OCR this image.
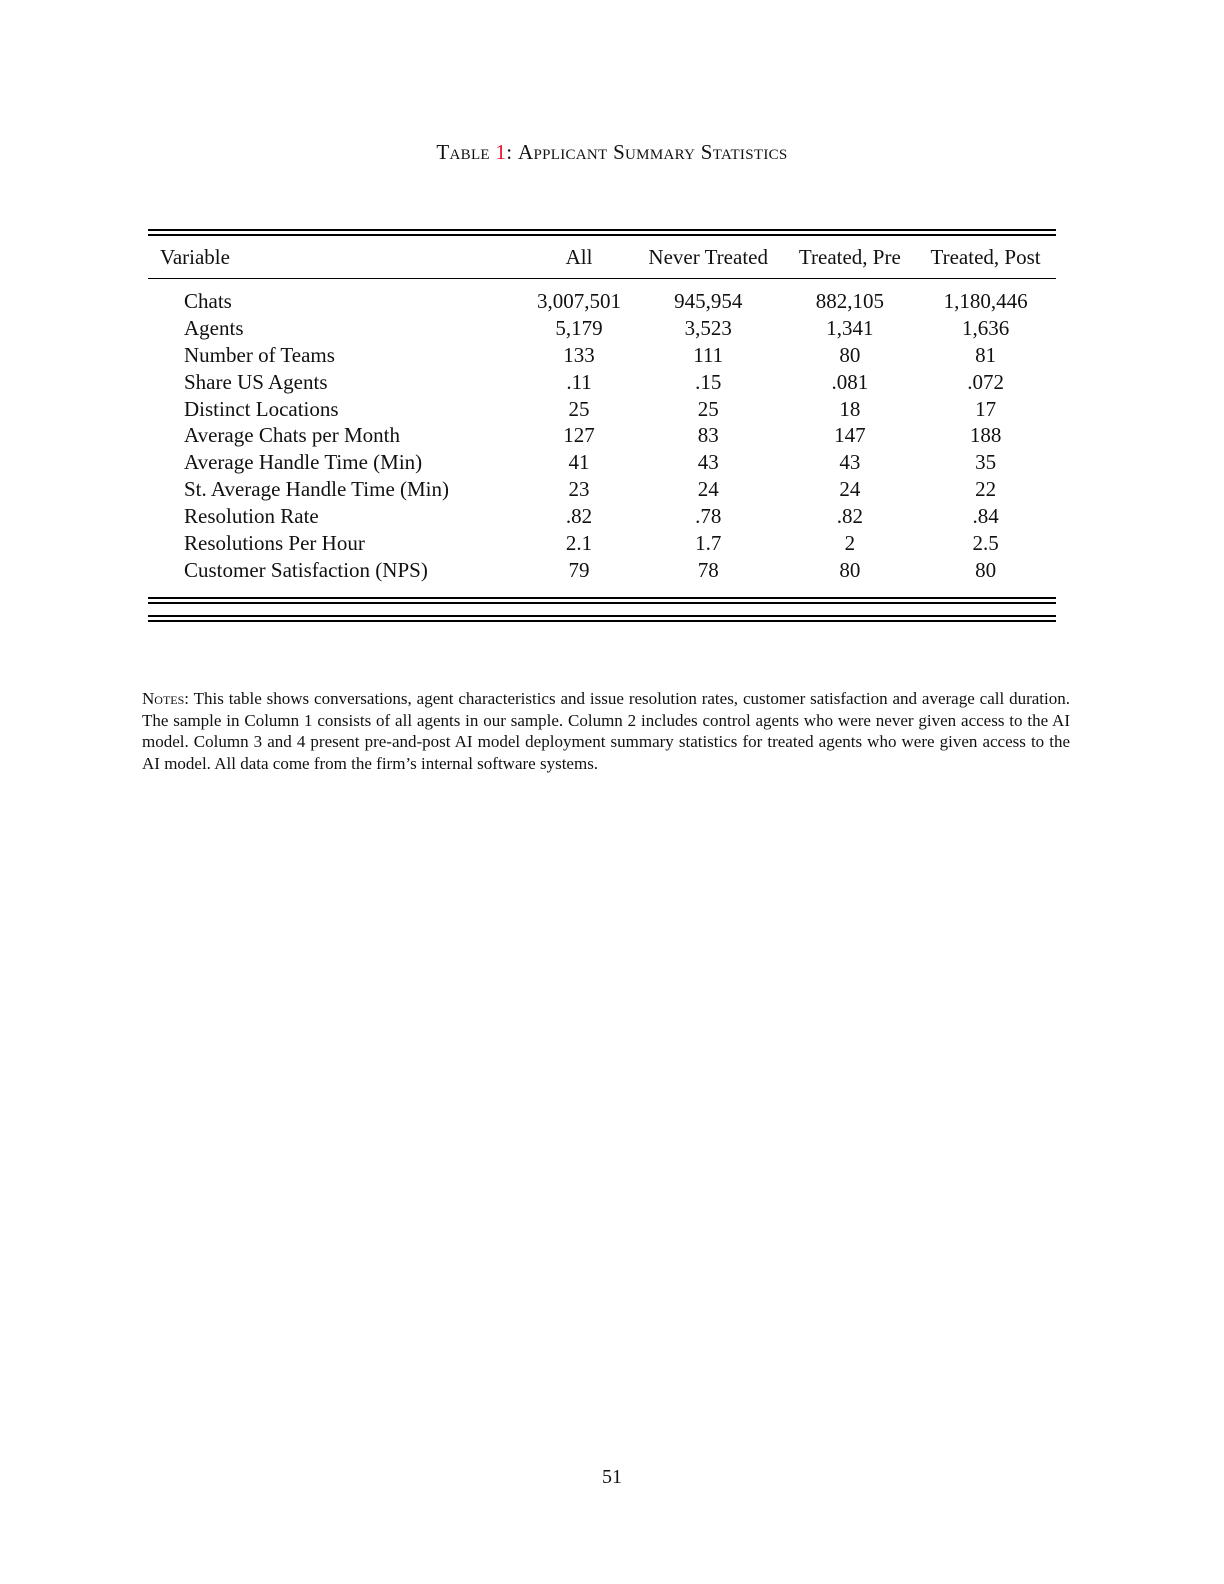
Table 1: Applicant Summary Statistics
Variable	All	Never Treated	Treated, Pre	Treated, Post

Chats	3,007,501	945,954	882,105	1,180,446
Agents	5,179	3,523	1,341	1,636
Number of Teams	133	111	80	81
Share US Agents	.11	.15	.081	.072
Distinct Locations	25	25	18	17
Average Chats per Month	127	83	147	188
Average Handle Time (Min)	41	43	43	35
St. Average Handle Time (Min)	23	24	24	22
Resolution Rate	.82	.78	.82	.84
Resolutions Per Hour	2.1	1.7	2	2.5
Customer Satisfaction (NPS)	79	78	80	80
Notes: This table shows conversations, agent characteristics and issue resolution rates, customer satisfaction and average call duration. The sample in Column 1 consists of all agents in our sample. Column 2 includes control agents who were never given access to the AI model. Column 3 and 4 present pre-and-post AI model deployment summary statistics for treated agents who were given access to the AI model. All data come from the firm’s internal software systems.
51
